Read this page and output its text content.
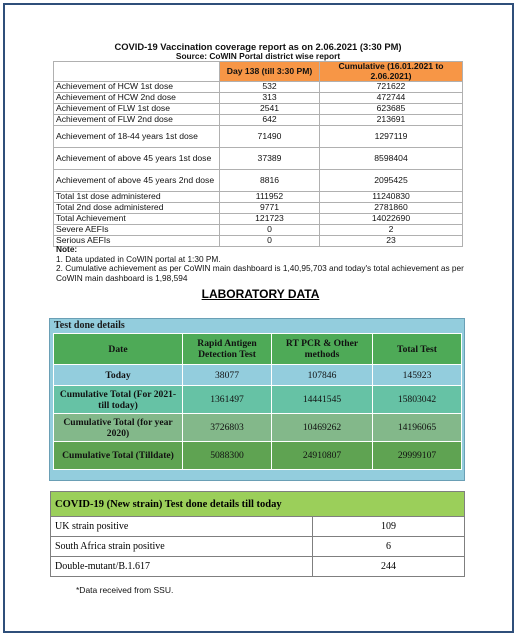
COVID-19 Vaccination coverage report as on 2.06.2021 (3:30 PM)		
Source: CoWIN Portal district wise report		
	Day 138 (till 3:30 PM)	Cumulative (16.01.2021 to 2.06.2021)
Achievement of HCW 1st dose	532	721622
Achievement of HCW 2nd dose	313	472744
Achievement of FLW 1st dose	2541	623685
Achievement of FLW 2nd dose	642	213691
Achievement of 18-44 years 1st dose	71490	1297119
Achievement of above 45 years 1st dose	37389	8598404
Achievement of above 45 years 2nd dose	8816	2095425
Total 1st dose administered	111952	11240830
Total 2nd dose administered	9771	2781860
Total Achievement	121723	14022690
Severe AEFIs	0	2
Serious AEFIs	0	23
Note:
1. Data updated in CoWIN portal at 1:30 PM.
2. Cumulative achievement as per CoWIN main dashboard is 1,40,95,703 and today's total achievement as per CoWIN main dashboard is 1,98,594
LABORATORY DATA
Test done details
Date	Rapid Antigen Detection Test	RT PCR & Other methods	Total Test
Today	38077	107846	145923
Cumulative Total (For 2021- till today)	1361497	14441545	15803042
Cumulative Total (for year 2020)	3726803	10469262	14196065
Cumulative Total (Tilldate)	5088300	24910807	29999107
COVID-19 (New strain) Test done details till today	
UK strain positive	109
South Africa strain positive	6
Double-mutant/B.1.617	244
*Data received from SSU.
